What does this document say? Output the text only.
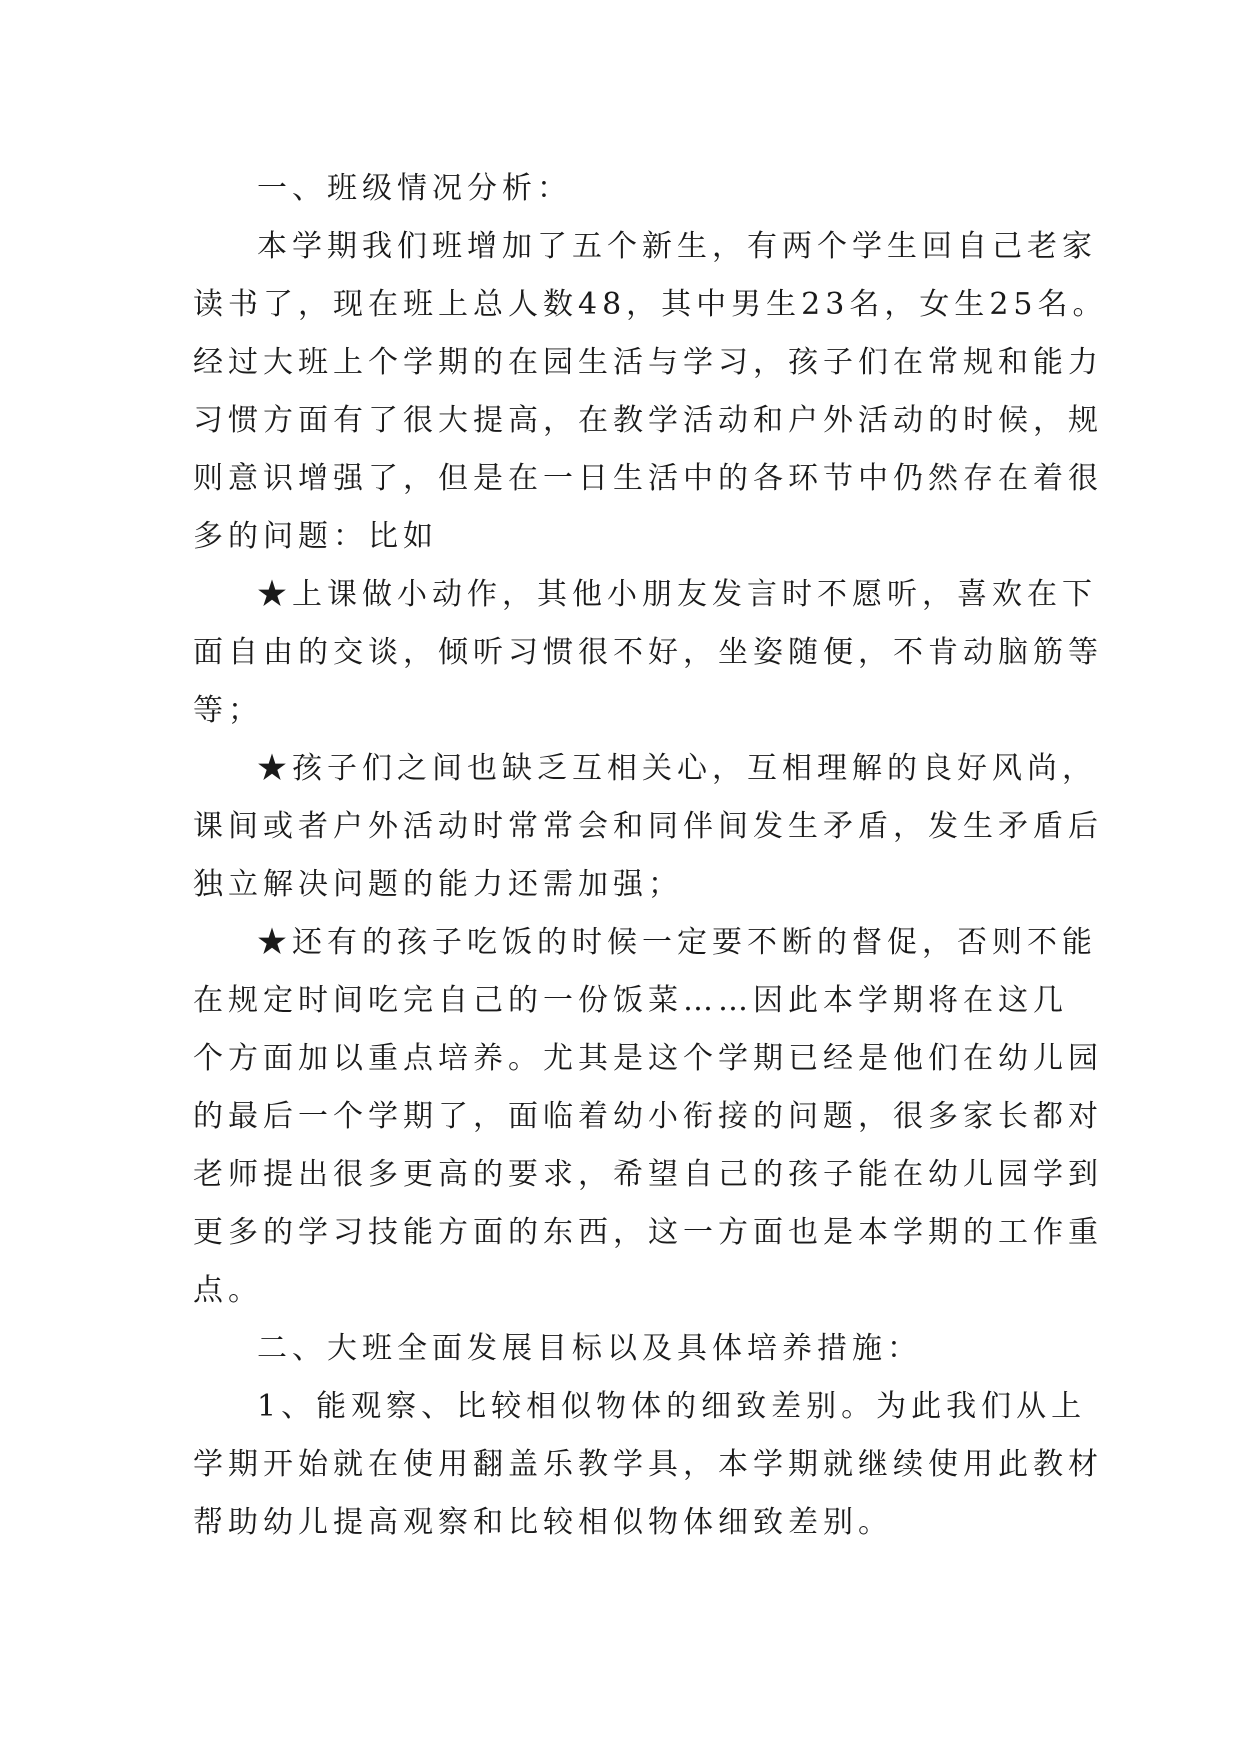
一、班级情况分析：
本学期我们班增加了五个新生，有两个学生回自己老家
读书了，现在班上总人数48，其中男生23名，女生25名。
经过大班上个学期的在园生活与学习，孩子们在常规和能力
习惯方面有了很大提高，在教学活动和户外活动的时候，规
则意识增强了，但是在一日生活中的各环节中仍然存在着很
多的问题：比如
★上课做小动作，其他小朋友发言时不愿听，喜欢在下
面自由的交谈，倾听习惯很不好，坐姿随便，不肯动脑筋等
等；
★孩子们之间也缺乏互相关心，互相理解的良好风尚，
课间或者户外活动时常常会和同伴间发生矛盾，发生矛盾后
独立解决问题的能力还需加强；
★还有的孩子吃饭的时候一定要不断的督促，否则不能
在规定时间吃完自己的一份饭菜……因此本学期将在这几
个方面加以重点培养。尤其是这个学期已经是他们在幼儿园
的最后一个学期了，面临着幼小衔接的问题，很多家长都对
老师提出很多更高的要求，希望自己的孩子能在幼儿园学到
更多的学习技能方面的东西，这一方面也是本学期的工作重
点。
二、大班全面发展目标以及具体培养措施：
1、能观察、比较相似物体的细致差别。为此我们从上
学期开始就在使用翻盖乐教学具，本学期就继续使用此教材
帮助幼儿提高观察和比较相似物体细致差别。
